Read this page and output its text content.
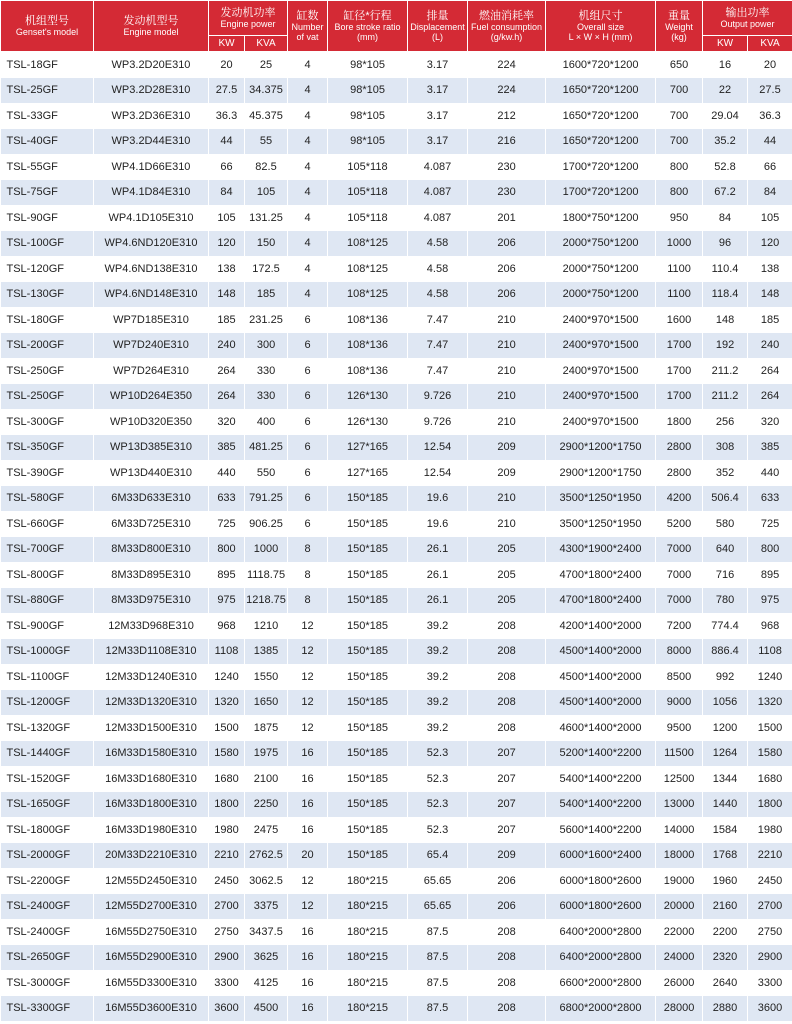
机组型号
Genset's model	发动机型号
Engine model	发动机功率
Engine power		缸数
Number of vat	缸径*行程
Bore stroke ratio
(mm)	排量
Displacement
(L)	燃油消耗率
Fuel consumption
(g/kw.h)	机组尺寸
Overall size
L × W × H (mm)	重量
Weight
(kg)	输出功率
Output power	

		KW	KVA							KW	KVA
TSL-18GF	WP3.2D20E310	20	25	4	98*105	3.17	224	1600*720*1200	650	16	20
TSL-25GF	WP3.2D28E310	27.5	34.375	4	98*105	3.17	224	1650*720*1200	700	22	27.5
TSL-33GF	WP3.2D36E310	36.3	45.375	4	98*105	3.17	212	1650*720*1200	700	29.04	36.3
TSL-40GF	WP3.2D44E310	44	55	4	98*105	3.17	216	1650*720*1200	700	35.2	44
TSL-55GF	WP4.1D66E310	66	82.5	4	105*118	4.087	230	1700*720*1200	800	52.8	66
TSL-75GF	WP4.1D84E310	84	105	4	105*118	4.087	230	1700*720*1200	800	67.2	84
TSL-90GF	WP4.1D105E310	105	131.25	4	105*118	4.087	201	1800*750*1200	950	84	105
TSL-100GF	WP4.6ND120E310	120	150	4	108*125	4.58	206	2000*750*1200	1000	96	120
TSL-120GF	WP4.6ND138E310	138	172.5	4	108*125	4.58	206	2000*750*1200	1100	110.4	138
TSL-130GF	WP4.6ND148E310	148	185	4	108*125	4.58	206	2000*750*1200	1100	118.4	148
TSL-180GF	WP7D185E310	185	231.25	6	108*136	7.47	210	2400*970*1500	1600	148	185
TSL-200GF	WP7D240E310	240	300	6	108*136	7.47	210	2400*970*1500	1700	192	240
TSL-250GF	WP7D264E310	264	330	6	108*136	7.47	210	2400*970*1500	1700	211.2	264
TSL-250GF	WP10D264E350	264	330	6	126*130	9.726	210	2400*970*1500	1700	211.2	264
TSL-300GF	WP10D320E350	320	400	6	126*130	9.726	210	2400*970*1500	1800	256	320
TSL-350GF	WP13D385E310	385	481.25	6	127*165	12.54	209	2900*1200*1750	2800	308	385
TSL-390GF	WP13D440E310	440	550	6	127*165	12.54	209	2900*1200*1750	2800	352	440
TSL-580GF	6M33D633E310	633	791.25	6	150*185	19.6	210	3500*1250*1950	4200	506.4	633
TSL-660GF	6M33D725E310	725	906.25	6	150*185	19.6	210	3500*1250*1950	5200	580	725
TSL-700GF	8M33D800E310	800	1000	8	150*185	26.1	205	4300*1900*2400	7000	640	800
TSL-800GF	8M33D895E310	895	1118.75	8	150*185	26.1	205	4700*1800*2400	7000	716	895
TSL-880GF	8M33D975E310	975	1218.75	8	150*185	26.1	205	4700*1800*2400	7000	780	975
TSL-900GF	12M33D968E310	968	1210	12	150*185	39.2	208	4200*1400*2000	7200	774.4	968
TSL-1000GF	12M33D1108E310	1108	1385	12	150*185	39.2	208	4500*1400*2000	8000	886.4	1108
TSL-1100GF	12M33D1240E310	1240	1550	12	150*185	39.2	208	4500*1400*2000	8500	992	1240
TSL-1200GF	12M33D1320E310	1320	1650	12	150*185	39.2	208	4500*1400*2000	9000	1056	1320
TSL-1320GF	12M33D1500E310	1500	1875	12	150*185	39.2	208	4600*1400*2000	9500	1200	1500
TSL-1440GF	16M33D1580E310	1580	1975	16	150*185	52.3	207	5200*1400*2200	11500	1264	1580
TSL-1520GF	16M33D1680E310	1680	2100	16	150*185	52.3	207	5400*1400*2200	12500	1344	1680
TSL-1650GF	16M33D1800E310	1800	2250	16	150*185	52.3	207	5400*1400*2200	13000	1440	1800
TSL-1800GF	16M33D1980E310	1980	2475	16	150*185	52.3	207	5600*1400*2200	14000	1584	1980
TSL-2000GF	20M33D2210E310	2210	2762.5	20	150*185	65.4	209	6000*1600*2400	18000	1768	2210
TSL-2200GF	12M55D2450E310	2450	3062.5	12	180*215	65.65	206	6000*1800*2600	19000	1960	2450
TSL-2400GF	12M55D2700E310	2700	3375	12	180*215	65.65	206	6000*1800*2600	20000	2160	2700
TSL-2400GF	16M55D2750E310	2750	3437.5	16	180*215	87.5	208	6400*2000*2800	22000	2200	2750
TSL-2650GF	16M55D2900E310	2900	3625	16	180*215	87.5	208	6400*2000*2800	24000	2320	2900
TSL-3000GF	16M55D3300E310	3300	4125	16	180*215	87.5	208	6600*2000*2800	26000	2640	3300
TSL-3300GF	16M55D3600E310	3600	4500	16	180*215	87.5	208	6800*2000*2800	28000	2880	3600
